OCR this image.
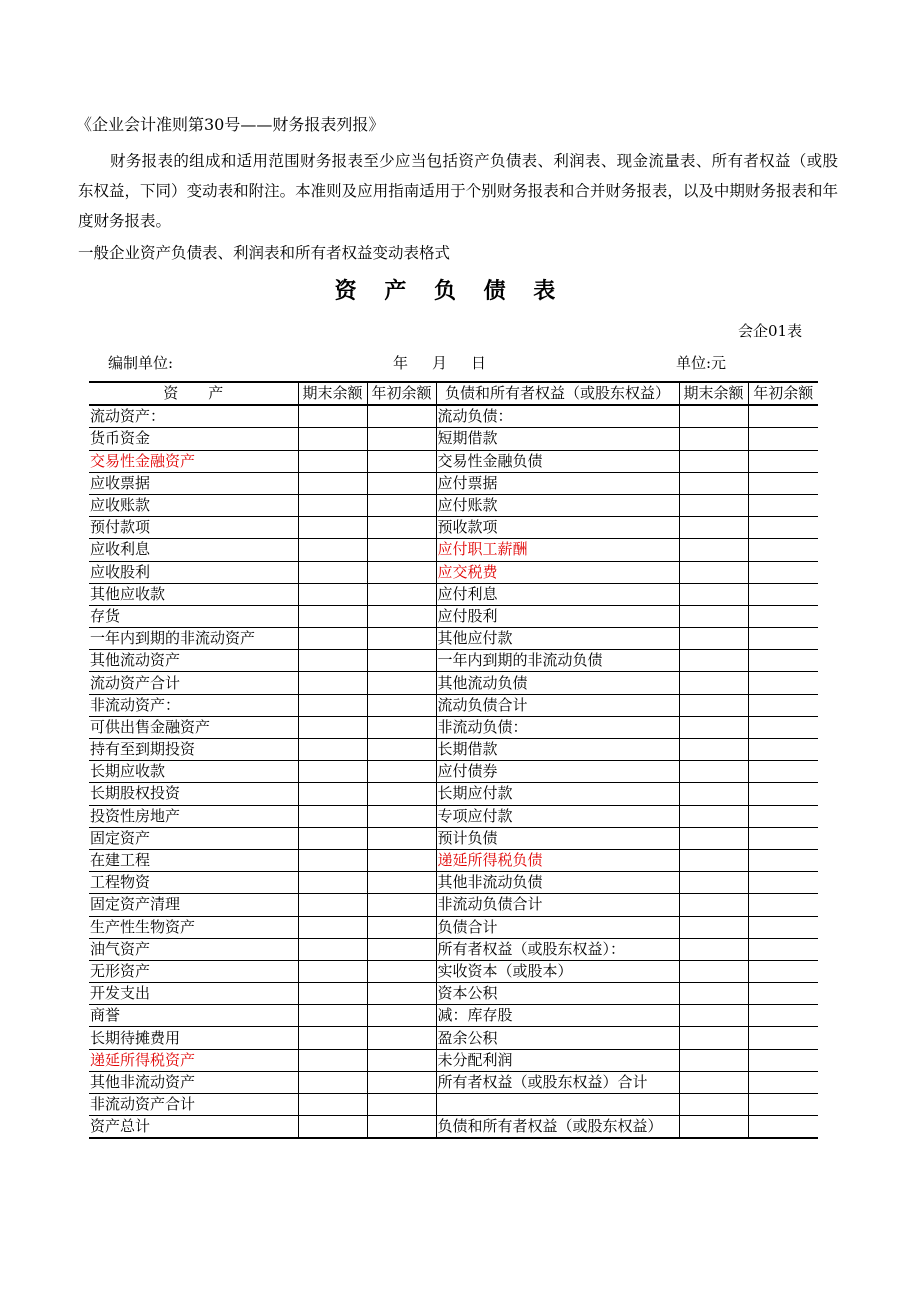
《企业会计准则第30号——财务报表列报》
财务报表的组成和适用范围财务报表至少应当包括资产负债表、利润表、现金流量表、所有者权益（或股东权益，下同）变动表和附注。本准则及应用指南适用于个别财务报表和合并财务报表，以及中期财务报表和年度财务报表。
一般企业资产负债表、利润表和所有者权益变动表格式
资 产 负 债 表
会企01表
编制单位:	年 月 日	单位:元
资　　产	期末余额	年初余额	负债和所有者权益（或股东权益）	期末余额	年初余额
流动资产：			流动负债：		
货币资金			短期借款		
交易性金融资产			交易性金融负债		
应收票据			应付票据		
应收账款			应付账款		
预付款项			预收款项		
应收利息			应付职工薪酬		
应收股利			应交税费		
其他应收款			应付利息		
存货			应付股利		
一年内到期的非流动资产			其他应付款		
其他流动资产			一年内到期的非流动负债		
流动资产合计			其他流动负债		
非流动资产：			流动负债合计		
可供出售金融资产			非流动负债：		
持有至到期投资			长期借款		
长期应收款			应付债券		
长期股权投资			长期应付款		
投资性房地产			专项应付款		
固定资产			预计负债		
在建工程			递延所得税负债		
工程物资			其他非流动负债		
固定资产清理			非流动负债合计		
生产性生物资产			负债合计		
油气资产			所有者权益（或股东权益）：		
无形资产			实收资本（或股本）		
开发支出			资本公积		
商誉			减：库存股		
长期待摊费用			盈余公积		
递延所得税资产			未分配利润		
其他非流动资产			所有者权益（或股东权益）合计		
非流动资产合计					
资产总计			负债和所有者权益（或股东权益）		
